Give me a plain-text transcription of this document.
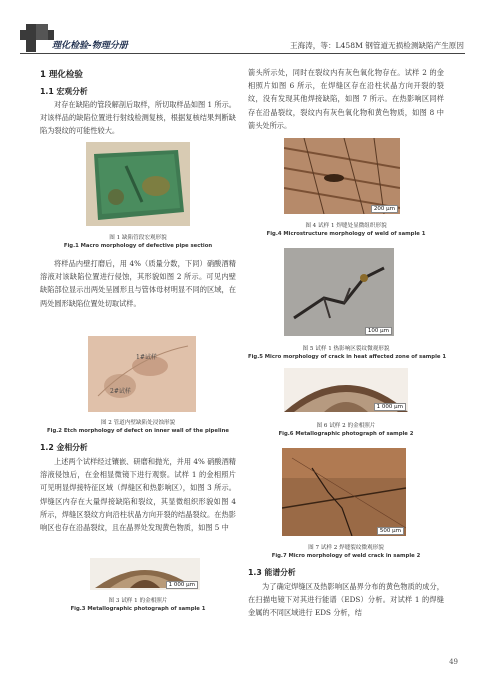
理化检验-物理分册	王海涛，等：L458M 钢管道无损检测缺陷产生原因
1 理化检验
1.1 宏观分析

对存在缺陷的管段解剖后取样，所切取样品如图 1 所示。对该样品的缺陷位置进行射线检测复核，根据复核结果判断缺陷为裂纹的可能性较大。

图 1 缺陷管段宏观形貌
Fig.1 Macro morphology of defective pipe section

将样品内壁打磨后，用 4%（质量分数，下同）硝酸酒精溶液对该缺陷位置进行侵蚀，其形貌如图 2 所示。可见内壁缺陷部位显示出两处呈圆形且与管体母材明显不同的区域，在两处圆形缺陷位置处切取试样。

1#试样
2#试样
图 2 管道内壁缺陷处浸蚀形貌
Fig.2 Etch morphology of defect on inner wall of the pipeline
1.2 金相分析

上述两个试样经过镶嵌、研磨和抛光，并用 4% 硝酸酒精溶液侵蚀后，在金相显微镜下进行观察。试样 1 的金相照片可见明显焊接特征区域（焊缝区和热影响区），如图 3 所示。焊缝区内存在大量焊接缺陷和裂纹，其显微组织形貌如图 4 所示，焊缝区裂纹方向沿柱状晶方向开裂的结晶裂纹。在热影响区也存在沿晶裂纹，且在晶界处发现黄色物质，如图 5 中

1 000 μm
图 3 试样 1 的金相照片
Fig.3 Metallographic photograph of sample 1

箭头所示处，同时在裂纹内有灰色氧化物存在。试样 2 的金相照片如图 6 所示，在焊缝区存在沿柱状晶方向开裂的裂纹，没有发现其他焊接缺陷，如图 7 所示。在热影响区同样存在沿晶裂纹，裂纹内有灰色氧化物和黄色物质，如图 8 中箭头处所示。

200 μm
图 4 试样 1 焊缝处显微组织形貌
Fig.4 Microstructure morphology of weld of sample 1
100 μm
图 5 试样 1 热影响区裂纹微观形貌
Fig.5 Micro morphology of crack in heat affected zone of sample 1
1 000 μm
图 6 试样 2 的金相照片
Fig.6 Metallographic photograph of sample 2
500 μm
图 7 试样 2 焊缝裂纹微观形貌
Fig.7 Micro morphology of weld crack in sample 2
1.3 能谱分析

为了确定焊缝区及热影响区晶界分布的黄色物质的成分，在扫描电镜下对其进行能谱（EDS）分析。对试样 1 的焊缝金属的不同区域进行 EDS 分析，结

49
